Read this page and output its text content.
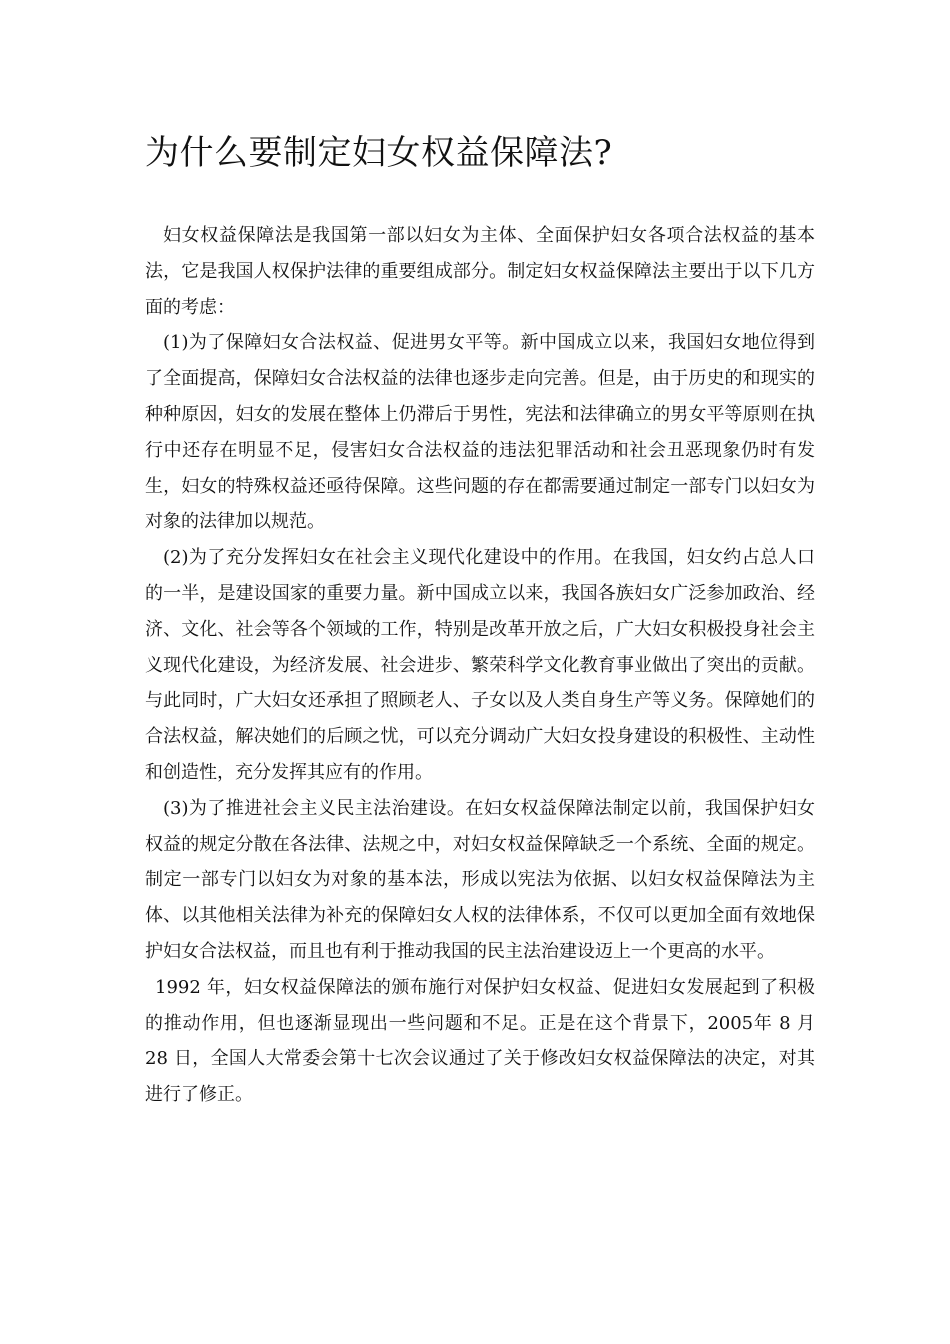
为什么要制定妇女权益保障法?

妇女权益保障法是我国第一部以妇女为主体、全面保护妇女各项合法权益的基本法，它是我国人权保护法律的重要组成部分。制定妇女权益保障法主要出于以下几方面的考虑：

(1)为了保障妇女合法权益、促进男女平等。新中国成立以来，我国妇女地位得到了全面提高，保障妇女合法权益的法律也逐步走向完善。但是，由于历史的和现实的种种原因，妇女的发展在整体上仍滞后于男性，宪法和法律确立的男女平等原则在执行中还存在明显不足，侵害妇女合法权益的违法犯罪活动和社会丑恶现象仍时有发生，妇女的特殊权益还亟待保障。这些问题的存在都需要通过制定一部专门以妇女为对象的法律加以规范。

(2)为了充分发挥妇女在社会主义现代化建设中的作用。在我国，妇女约占总人口的一半，是建设国家的重要力量。新中国成立以来，我国各族妇女广泛参加政治、经济、文化、社会等各个领域的工作，特别是改革开放之后，广大妇女积极投身社会主义现代化建设，为经济发展、社会进步、繁荣科学文化教育事业做出了突出的贡献。与此同时，广大妇女还承担了照顾老人、子女以及人类自身生产等义务。保障她们的合法权益，解决她们的后顾之忧，可以充分调动广大妇女投身建设的积极性、主动性和创造性，充分发挥其应有的作用。

(3)为了推进社会主义民主法治建设。在妇女权益保障法制定以前，我国保护妇女权益的规定分散在各法律、法规之中，对妇女权益保障缺乏一个系统、全面的规定。制定一部专门以妇女为对象的基本法，形成以宪法为依据、以妇女权益保障法为主体、以其他相关法律为补充的保障妇女人权的法律体系，不仅可以更加全面有效地保护妇女合法权益，而且也有利于推动我国的民主法治建设迈上一个更高的水平。

1992 年，妇女权益保障法的颁布施行对保护妇女权益、促进妇女发展起到了积极的推动作用，但也逐渐显现出一些问题和不足。正是在这个背景下，2005年 8 月 28 日，全国人大常委会第十七次会议通过了关于修改妇女权益保障法的决定，对其进行了修正。
